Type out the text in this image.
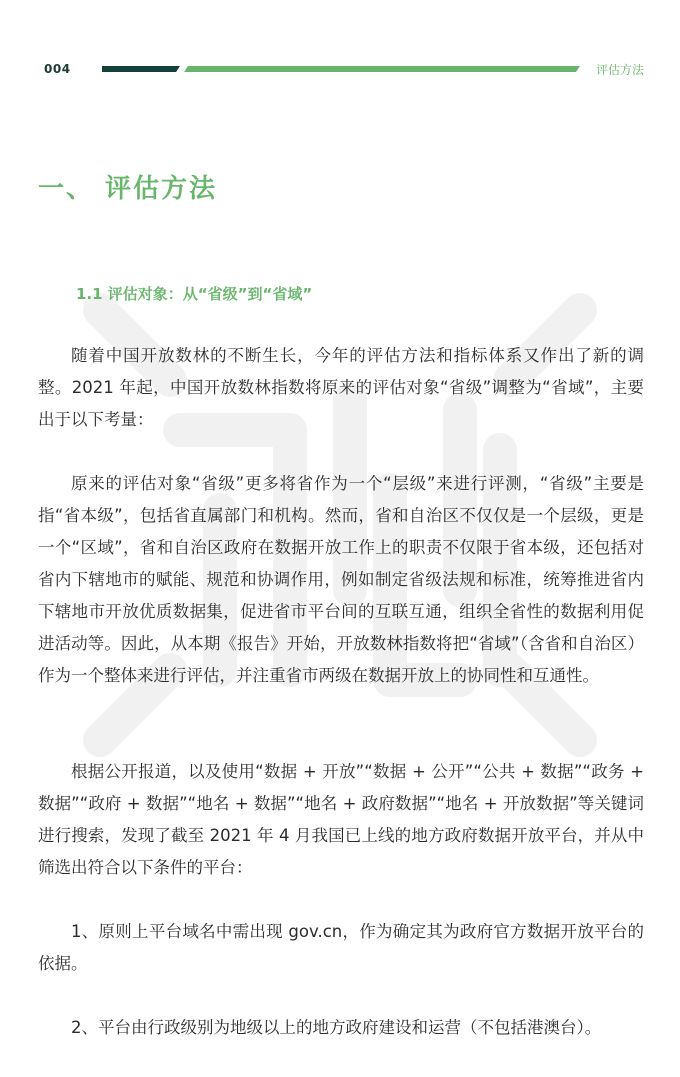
004	评估方法
一、 评估方法
1.1 评估对象：从“省级”到“省域”

随着中国开放数林的不断生长，今年的评估方法和指标体系又作出了新的调整。2021 年起，中国开放数林指数将原来的评估对象“省级”调整为“省域”，主要出于以下考量：

原来的评估对象“省级”更多将省作为一个“层级”来进行评测，“省级”主要是指“省本级”，包括省直属部门和机构。然而，省和自治区不仅仅是一个层级，更是一个“区域”，省和自治区政府在数据开放工作上的职责不仅限于省本级，还包括对省内下辖地市的赋能、规范和协调作用，例如制定省级法规和标准，统筹推进省内下辖地市开放优质数据集，促进省市平台间的互联互通，组织全省性的数据利用促进活动等。因此，从本期《报告》开始，开放数林指数将把“省域”（含省和自治区）作为一个整体来进行评估，并注重省市两级在数据开放上的协同性和互通性。

根据公开报道，以及使用“数据 + 开放”“数据 + 公开”“公共 + 数据”“政务 + 数据”“政府 + 数据”“地名 + 数据”“地名 + 政府数据”“地名 + 开放数据”等关键词进行搜索，发现了截至 2021 年 4 月我国已上线的地方政府数据开放平台，并从中筛选出符合以下条件的平台：

1、原则上平台域名中需出现 gov.cn，作为确定其为政府官方数据开放平台的依据。

2、平台由行政级别为地级以上的地方政府建设和运营（不包括港澳台）。
